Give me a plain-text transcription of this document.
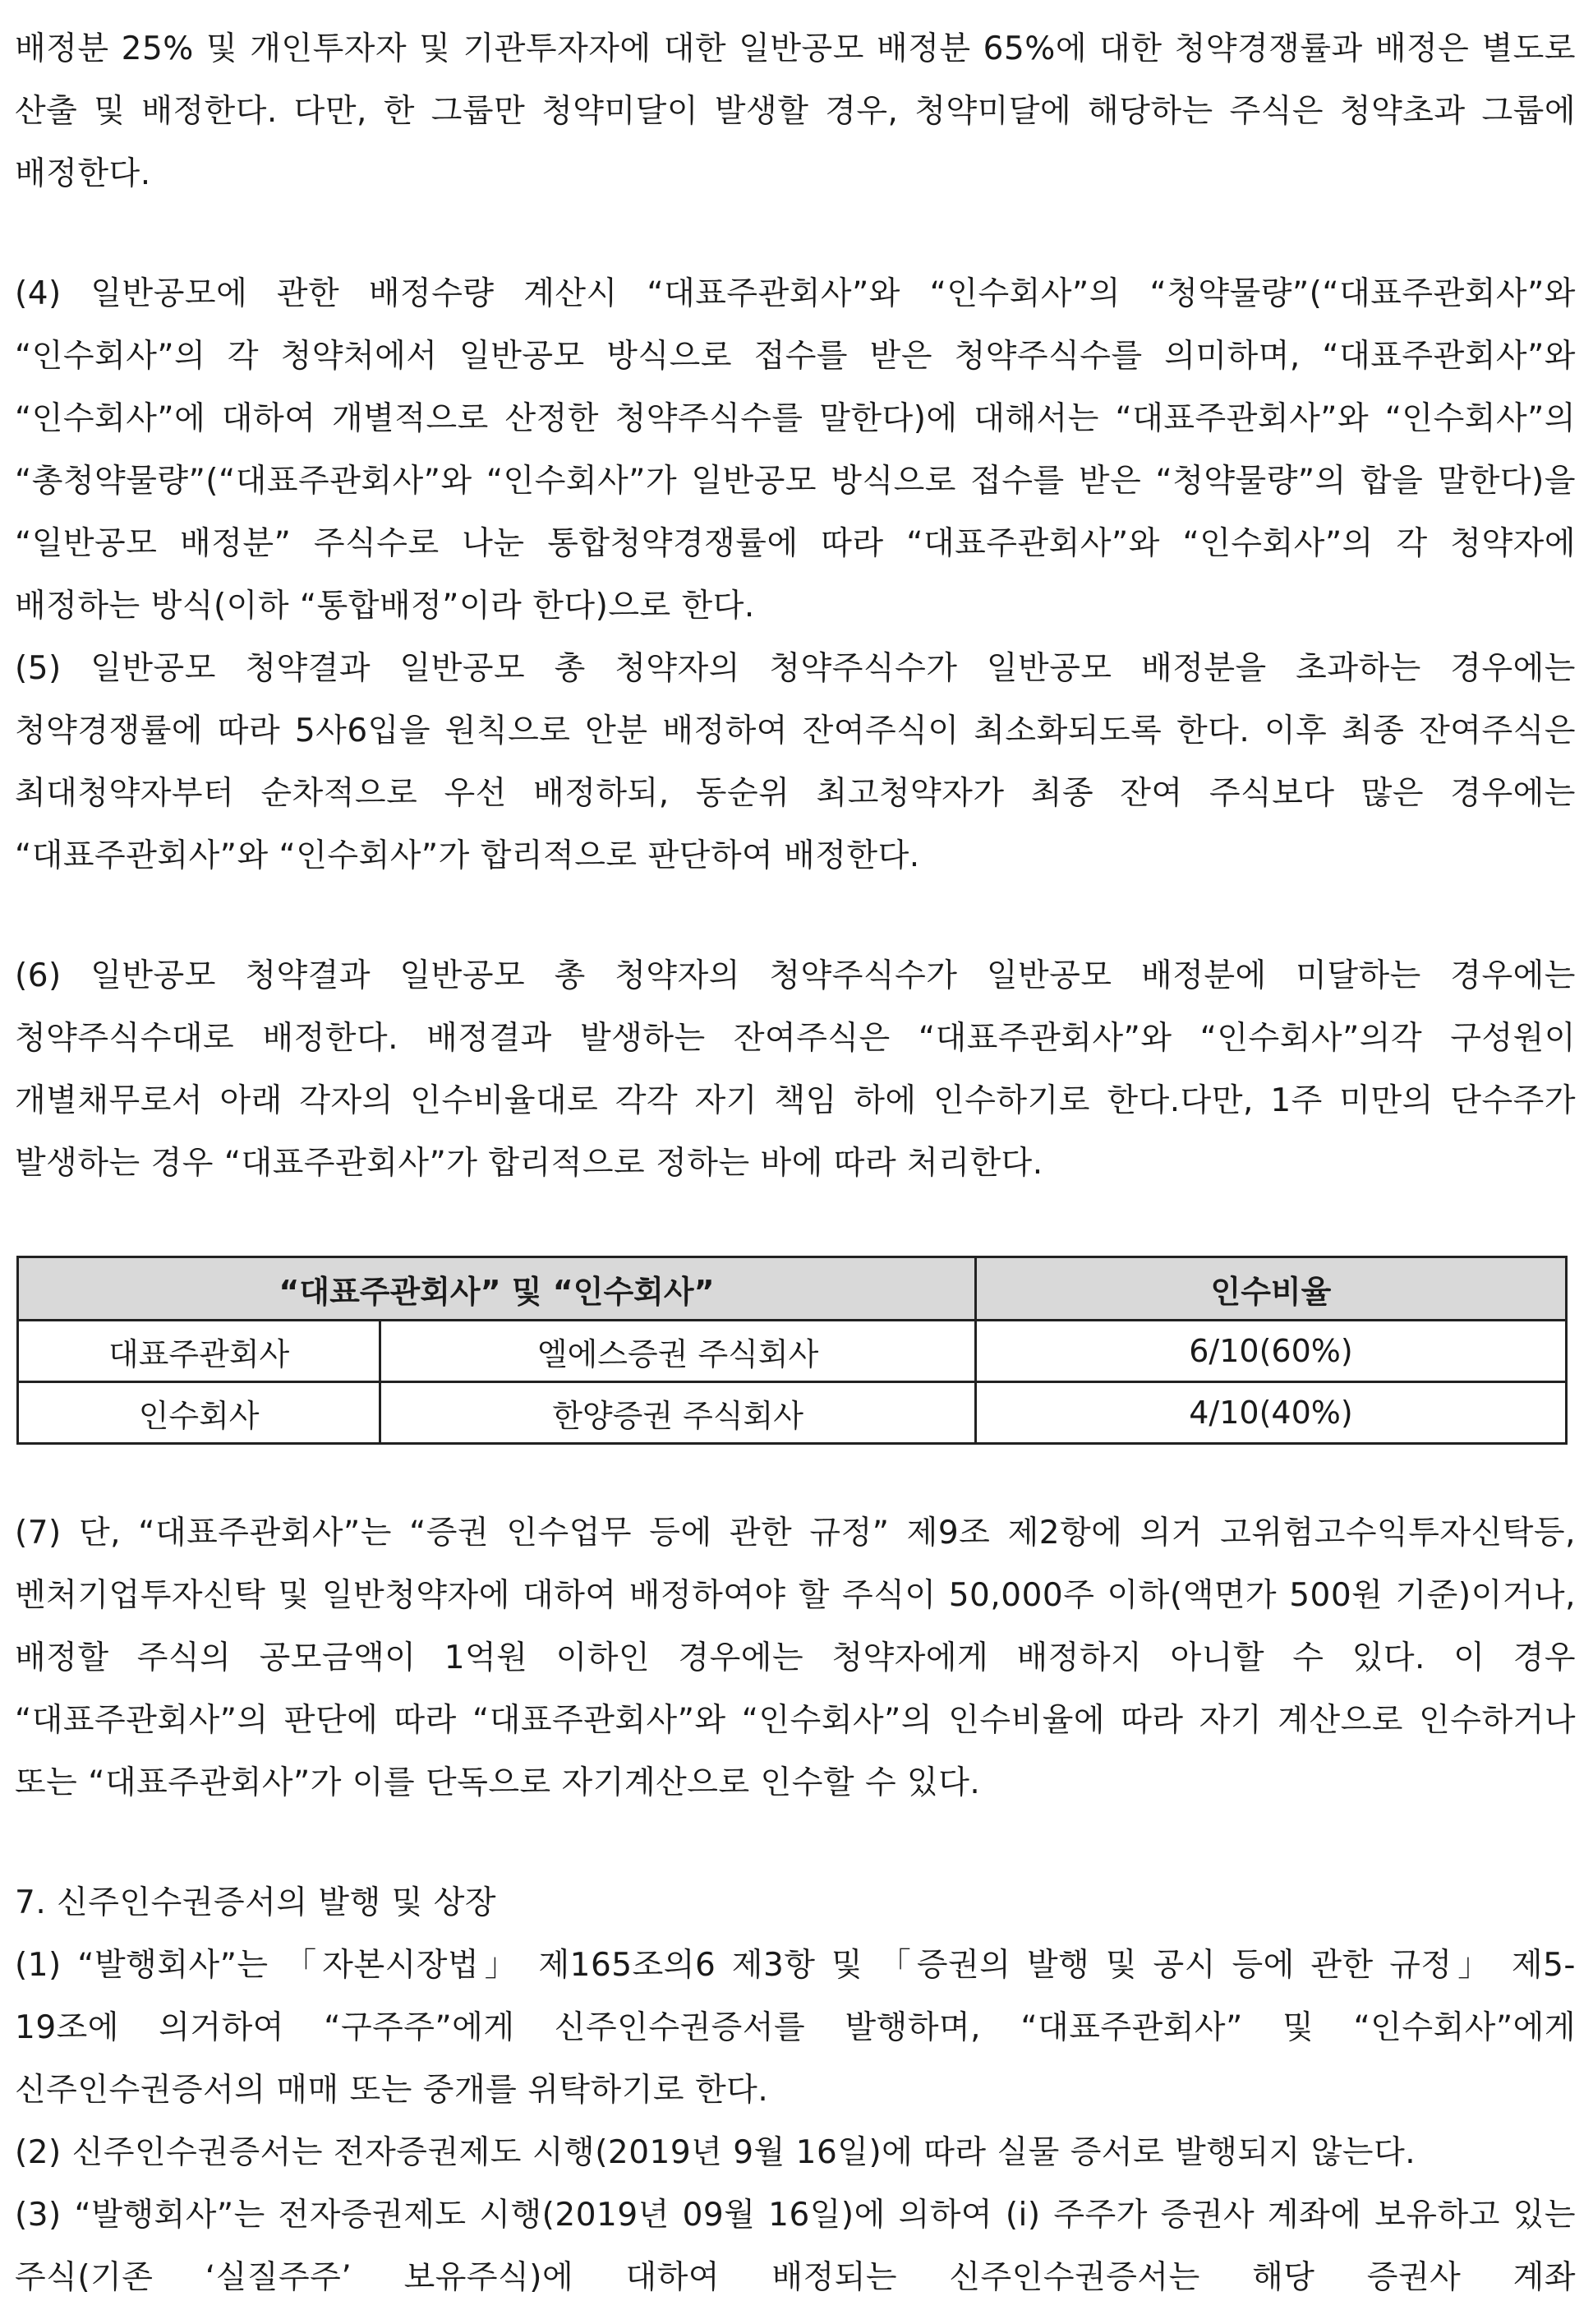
배정분 25% 및 개인투자자 및 기관투자자에 대한 일반공모 배정분 65%에 대한 청약경쟁률과 배정은 별도로 산출 및 배정한다. 다만, 한 그룹만 청약미달이 발생할 경우, 청약미달에 해당하는 주식은 청약초과 그룹에 배정한다.

(4) 일반공모에 관한 배정수량 계산시 “대표주관회사”와 “인수회사”의 “청약물량”(“대표주관회사”와 “인수회사”의 각 청약처에서 일반공모 방식으로 접수를 받은 청약주식수를 의미하며, “대표주관회사”와 “인수회사”에 대하여 개별적으로 산정한 청약주식수를 말한다)에 대해서는 “대표주관회사”와 “인수회사”의 “총청약물량”(“대표주관회사”와 “인수회사”가 일반공모 방식으로 접수를 받은 “청약물량”의 합을 말한다)을 “일반공모 배정분” 주식수로 나눈 통합청약경쟁률에 따라 “대표주관회사”와 “인수회사”의 각 청약자에 배정하는 방식(이하 “통합배정”이라 한다)으로 한다.

(5) 일반공모 청약결과 일반공모 총 청약자의 청약주식수가 일반공모 배정분을 초과하는 경우에는 청약경쟁률에 따라 5사6입을 원칙으로 안분 배정하여 잔여주식이 최소화되도록 한다. 이후 최종 잔여주식은 최대청약자부터 순차적으로 우선 배정하되, 동순위 최고청약자가 최종 잔여 주식보다 많은 경우에는 “대표주관회사”와 “인수회사”가 합리적으로 판단하여 배정한다.

(6) 일반공모 청약결과 일반공모 총 청약자의 청약주식수가 일반공모 배정분에 미달하는 경우에는 청약주식수대로 배정한다. 배정결과 발생하는 잔여주식은 “대표주관회사”와 “인수회사”의각 구성원이 개별채무로서 아래 각자의 인수비율대로 각각 자기 책임 하에 인수하기로 한다.다만, 1주 미만의 단수주가 발생하는 경우 “대표주관회사”가 합리적으로 정하는 바에 따라 처리한다.

“대표주관회사” 및 “인수회사”		인수비율
대표주관회사	엘에스증권 주식회사	6/10(60%)
인수회사	한양증권 주식회사	4/10(40%)

(7) 단, “대표주관회사”는 “증권 인수업무 등에 관한 규정” 제9조 제2항에 의거 고위험고수익투자신탁등, 벤처기업투자신탁 및 일반청약자에 대하여 배정하여야 할 주식이 50,000주 이하(액면가 500원 기준)이거나, 배정할 주식의 공모금액이 1억원 이하인 경우에는 청약자에게 배정하지 아니할 수 있다. 이 경우 “대표주관회사”의 판단에 따라 “대표주관회사”와 “인수회사”의 인수비율에 따라 자기 계산으로 인수하거나 또는 “대표주관회사”가 이를 단독으로 자기계산으로 인수할 수 있다.

7. 신주인수권증서의 발행 및 상장

(1) “발행회사”는 「자본시장법」 제165조의6 제3항 및 「증권의 발행 및 공시 등에 관한 규정」 제5-19조에 의거하여 “구주주”에게 신주인수권증서를 발행하며, “대표주관회사” 및 “인수회사”에게 신주인수권증서의 매매 또는 중개를 위탁하기로 한다.

(2) 신주인수권증서는 전자증권제도 시행(2019년 9월 16일)에 따라 실물 증서로 발행되지 않는다.

(3) “발행회사”는 전자증권제도 시행(2019년 09월 16일)에 의하여 (i) 주주가 증권사 계좌에 보유하고 있는 주식(기존 ‘실질주주’ 보유주식)에 대하여 배정되는 신주인수권증서는 해당 증권사 계좌
